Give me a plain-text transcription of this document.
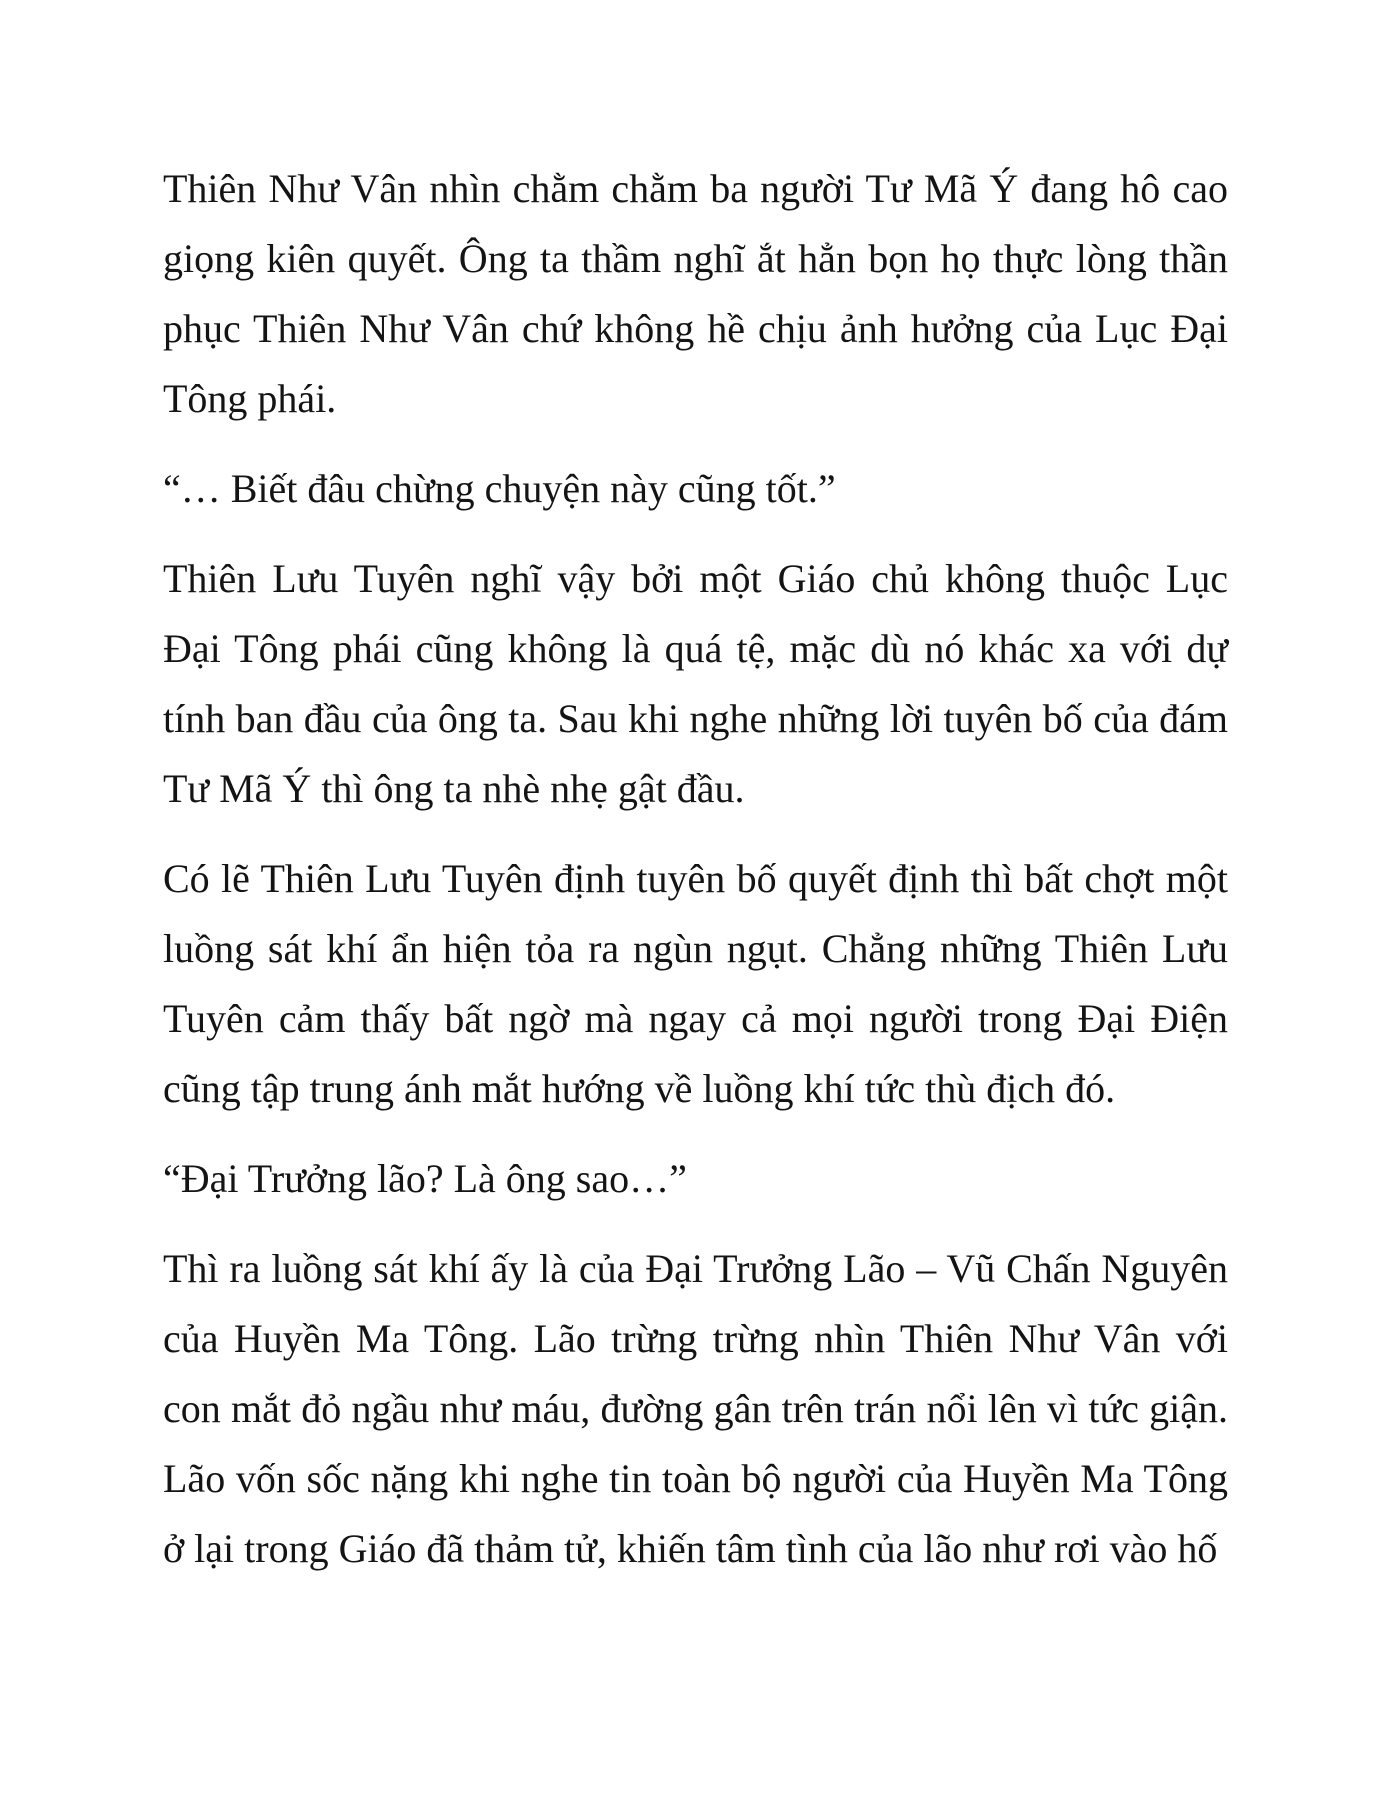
Thiên Như Vân nhìn chằm chằm ba người Tư Mã Ý đang hô cao giọng kiên quyết. Ông ta thầm nghĩ ắt hẳn bọn họ thực lòng thần phục Thiên Như Vân chứ không hề chịu ảnh hưởng của Lục Đại Tông phái.

“… Biết đâu chừng chuyện này cũng tốt.”

Thiên Lưu Tuyên nghĩ vậy bởi một Giáo chủ không thuộc Lục Đại Tông phái cũng không là quá tệ, mặc dù nó khác xa với dự tính ban đầu của ông ta. Sau khi nghe những lời tuyên bố của đám Tư Mã Ý thì ông ta nhè nhẹ gật đầu.

Có lẽ Thiên Lưu Tuyên định tuyên bố quyết định thì bất chợt một luồng sát khí ẩn hiện tỏa ra ngùn ngụt. Chẳng những Thiên Lưu Tuyên cảm thấy bất ngờ mà ngay cả mọi người trong Đại Điện cũng tập trung ánh mắt hướng về luồng khí tức thù địch đó.

“Đại Trưởng lão? Là ông sao…”

Thì ra luồng sát khí ấy là của Đại Trưởng Lão – Vũ Chấn Nguyên của Huyền Ma Tông. Lão trừng trừng nhìn Thiên Như Vân với con mắt đỏ ngầu như máu, đường gân trên trán nổi lên vì tức giận. Lão vốn sốc nặng khi nghe tin toàn bộ người của Huyền Ma Tông ở lại trong Giáo đã thảm tử, khiến tâm tình của lão như rơi vào hố
